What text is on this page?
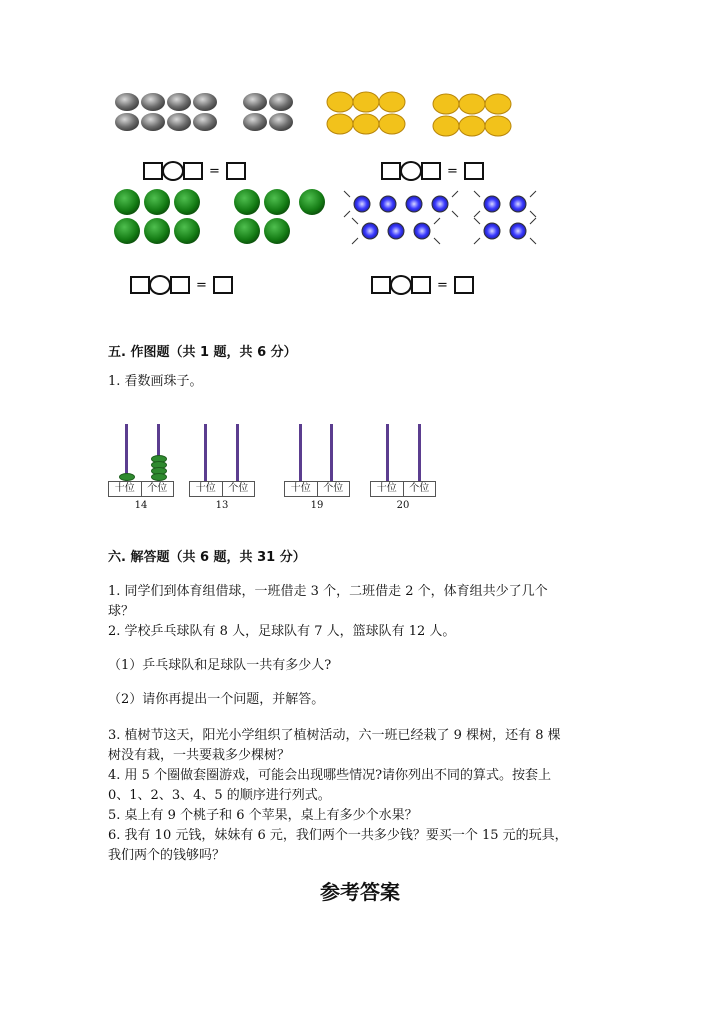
=	=
=	=
五. 作图题（共 1 题，共 6 分）
1. 看数画珠子。
十位	个位
14
十位	个位
13
十位	个位
19
十位	个位
20
六. 解答题（共 6 题，共 31 分）
1. 同学们到体育组借球，一班借走 3 个，二班借走 2 个，体育组共少了几个
球？
2. 学校乒乓球队有 8 人，足球队有 7 人，篮球队有 12 人。
（1）乒乓球队和足球队一共有多少人?
（2）请你再提出一个问题，并解答。
3. 植树节这天，阳光小学组织了植树活动，六一班已经栽了 9 棵树，还有 8 棵
树没有栽，一共要栽多少棵树？
4. 用 5 个圈做套圈游戏，可能会出现哪些情况?请你列出不同的算式。按套上
0、1、2、3、4、5 的顺序进行列式。
5. 桌上有 9 个桃子和 6 个苹果，桌上有多少个水果？
6. 我有 10 元钱，妹妹有 6 元，我们两个一共多少钱？要买一个 15 元的玩具，
我们两个的钱够吗？
参考答案
